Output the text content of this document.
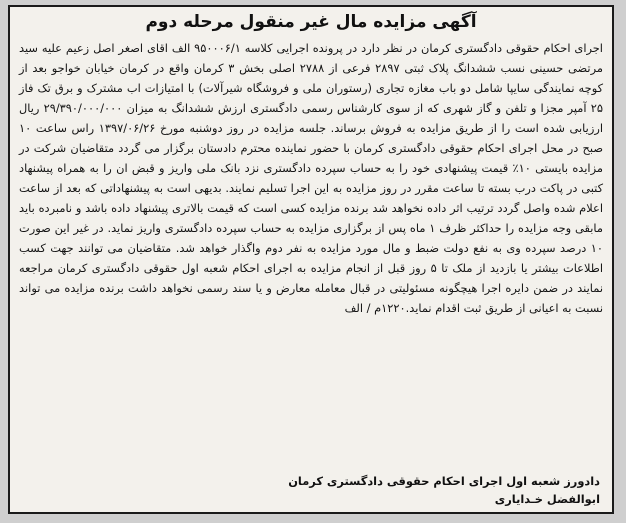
آگهی مزایده مال غیر منقول مرحله دوم

اجرای احکام حقوقی دادگستری کرمان در نظر دارد در پرونده اجرایی کلاسه ۹۵۰۰۰۶/۱ الف اقای اصغر اصل زعیم علیه سید مرتضی حسینی نسب ششدانگ پلاک ثبتی ۲۸۹۷ فرعی از ۲۷۸۸ اصلی بخش ۳ کرمان واقع در کرمان خیابان خواجو بعد از کوچه نمایندگی سایپا شامل دو باب مغازه تجاری (رستوران ملی و فروشگاه شیرآلات) با امتیازات اب مشترک و برق تک فاز ۲۵ آمپر مجزا و تلفن و گاز شهری که از سوی کارشناس رسمی دادگستری ارزش ششدانگ به میزان ۲۹/۳۹۰/۰۰۰/۰۰۰ ریال ارزیابی شده است را از طریق مزایده به فروش برساند. جلسه مزایده در روز دوشنبه مورخ ۱۳۹۷/۰۶/۲۶ راس ساعت ۱۰ صبح در محل اجرای احکام حقوقی دادگستری کرمان با حضور نماینده محترم دادستان برگزار می گردد متقاضیان شرکت در مزایده بایستی ۱۰٪ قیمت پیشنهادی خود را به حساب سپرده دادگستری نزد بانک ملی واریز و قبض ان را به همراه پیشنهاد کتبی در پاکت درب بسته تا ساعت مقرر در روز مزایده به این اجرا تسلیم نمایند. بدیهی است به پیشنهاداتی که بعد از ساعت اعلام شده واصل گردد ترتیب اثر داده نخواهد شد برنده مزایده کسی است که قیمت بالاتری پیشنهاد داده باشد و نامبرده باید مابقی وجه مزایده را حداکثر ظرف ۱ ماه پس از برگزاری مزایده به حساب سپرده دادگستری واریز نماید. در غیر این صورت ۱۰ درصد سپرده وی به نفع دولت ضبط و مال مورد مزایده به نفر دوم واگذار خواهد شد. متقاضیان می توانند جهت کسب اطلاعات بیشتر یا بازدید از ملک تا ۵ روز قبل از انجام مزایده به اجرای احکام شعبه اول حقوقی دادگستری کرمان مراجعه نمایند در ضمن دایره اجرا هیچگونه مسئولیتی در قبال معامله معارض و یا سند رسمی نخواهد داشت برنده مزایده می تواند نسبت به اعیانی از طریق ثبت اقدام نماید.۱۲۲۰م / الف

دادورز شعبه اول اجرای احکام حقوقی دادگستری کرمان
ابوالفضل خـدایاری
